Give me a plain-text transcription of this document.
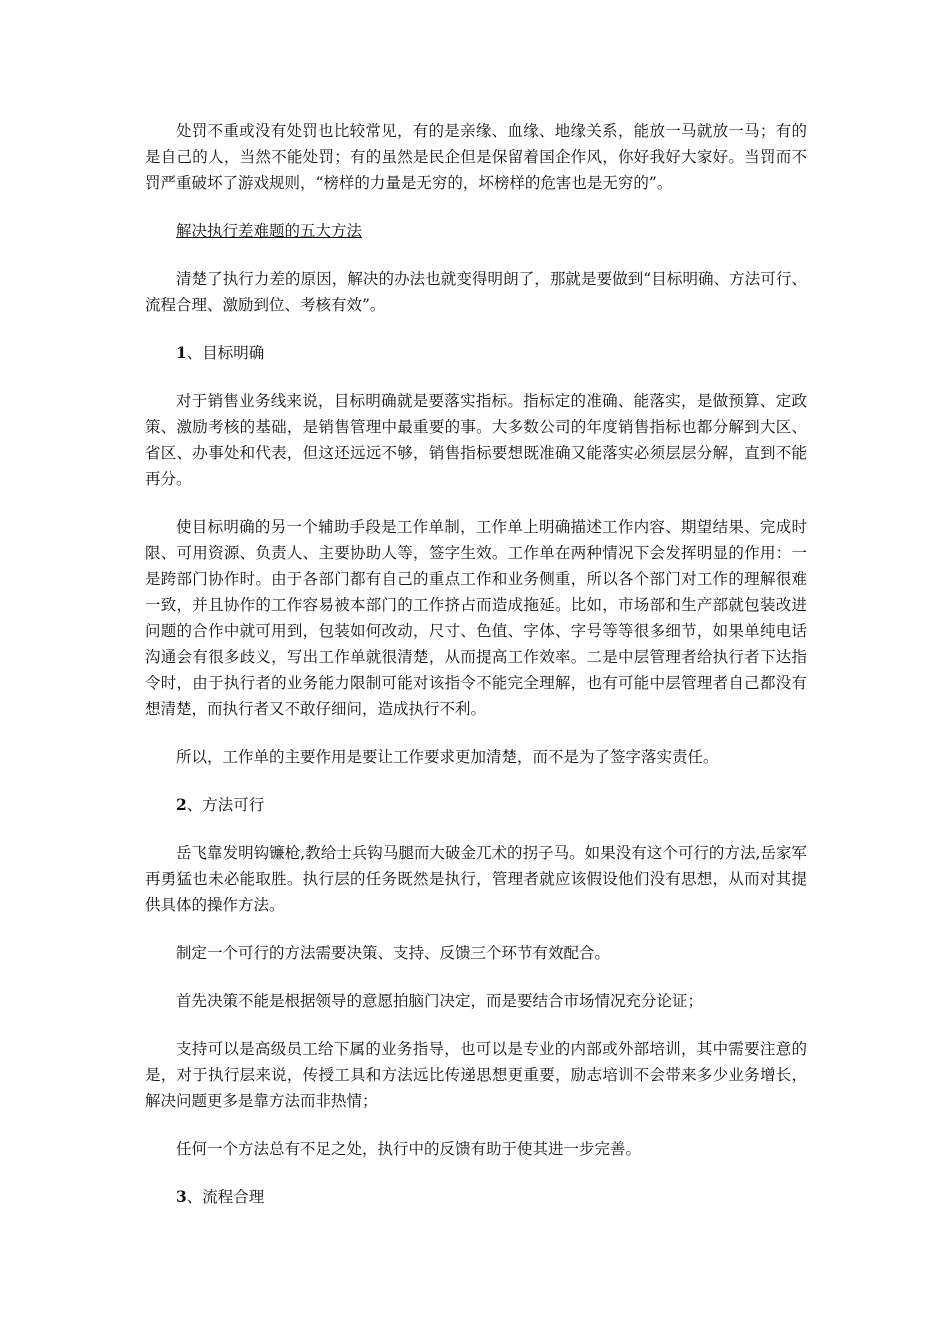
处罚不重或没有处罚也比较常见，有的是亲缘、血缘、地缘关系，能放一马就放一马；有的是自己的人，当然不能处罚；有的虽然是民企但是保留着国企作风，你好我好大家好。当罚而不罚严重破坏了游戏规则，“榜样的力量是无穷的，坏榜样的危害也是无穷的”。

解决执行差难题的五大方法

清楚了执行力差的原因，解决的办法也就变得明朗了，那就是要做到“目标明确、方法可行、流程合理、激励到位、考核有效”。

1、目标明确

对于销售业务线来说，目标明确就是要落实指标。指标定的准确、能落实，是做预算、定政策、激励考核的基础，是销售管理中最重要的事。大多数公司的年度销售指标也都分解到大区、省区、办事处和代表，但这还远远不够，销售指标要想既准确又能落实必须层层分解，直到不能再分。

使目标明确的另一个辅助手段是工作单制，工作单上明确描述工作内容、期望结果、完成时限、可用资源、负责人、主要协助人等，签字生效。工作单在两种情况下会发挥明显的作用：一是跨部门协作时。由于各部门都有自己的重点工作和业务侧重，所以各个部门对工作的理解很难一致，并且协作的工作容易被本部门的工作挤占而造成拖延。比如，市场部和生产部就包装改进问题的合作中就可用到，包装如何改动，尺寸、色值、字体、字号等等很多细节，如果单纯电话沟通会有很多歧义，写出工作单就很清楚，从而提高工作效率。二是中层管理者给执行者下达指令时，由于执行者的业务能力限制可能对该指令不能完全理解，也有可能中层管理者自己都没有想清楚，而执行者又不敢仔细问，造成执行不利。

所以，工作单的主要作用是要让工作要求更加清楚，而不是为了签字落实责任。

2、方法可行

岳飞靠发明钩镰枪,教给士兵钩马腿而大破金兀术的拐子马。如果没有这个可行的方法,岳家军再勇猛也未必能取胜。执行层的任务既然是执行，管理者就应该假设他们没有思想，从而对其提供具体的操作方法。

制定一个可行的方法需要决策、支持、反馈三个环节有效配合。

首先决策不能是根据领导的意愿拍脑门决定，而是要结合市场情况充分论证；

支持可以是高级员工给下属的业务指导，也可以是专业的内部或外部培训，其中需要注意的是，对于执行层来说，传授工具和方法远比传递思想更重要，励志培训不会带来多少业务增长，解决问题更多是靠方法而非热情；

任何一个方法总有不足之处，执行中的反馈有助于使其进一步完善。

3、流程合理
